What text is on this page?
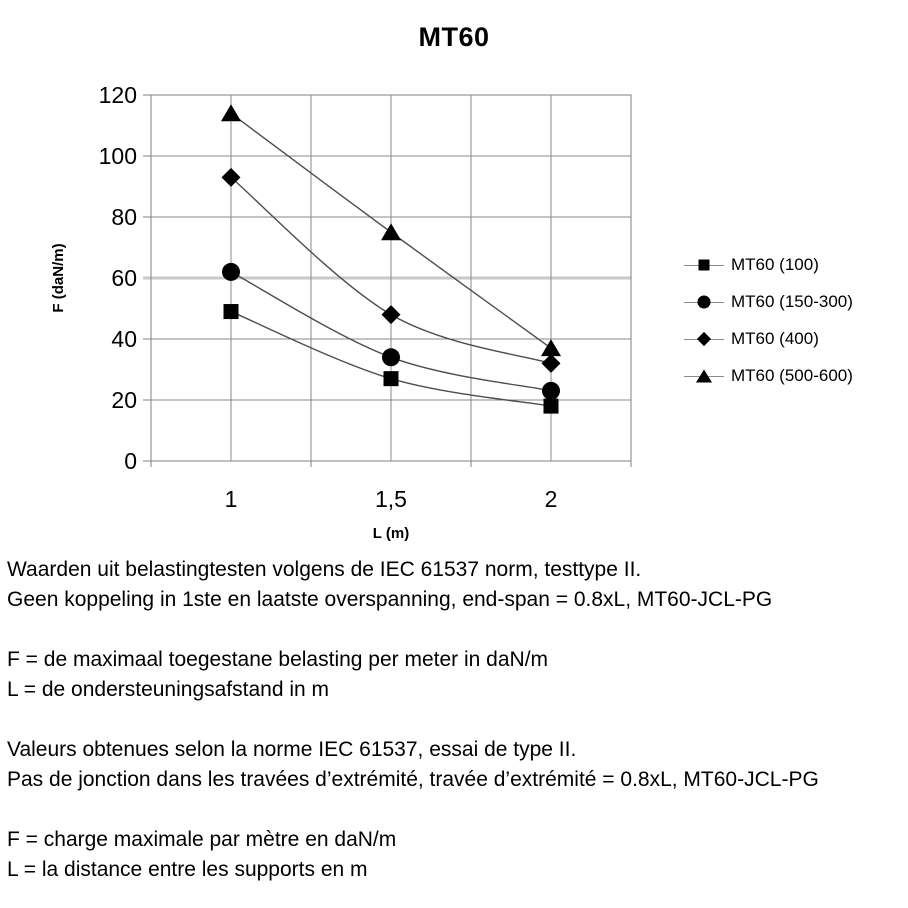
MT60
0
20
40
60
80
100
120
1	1,5	2
L (m)
F (daN/m)	MT60 (100)
MT60 (150-300)
MT60 (400)
MT60 (500-600)
Waarden uit belastingtesten volgens de IEC 61537 norm, testtype II.
Geen koppeling in 1ste en laatste overspanning, end-span = 0.8xL, MT60-JCL-PG
F = de maximaal toegestane belasting per meter in daN/m
L = de ondersteuningsafstand in m
Valeurs obtenues selon la norme IEC 61537, essai de type II.
Pas de jonction dans les travées d’extrémité, travée d’extrémité = 0.8xL, MT60-JCL-PG
F = charge maximale par mètre en daN/m
L = la distance entre les supports en m
